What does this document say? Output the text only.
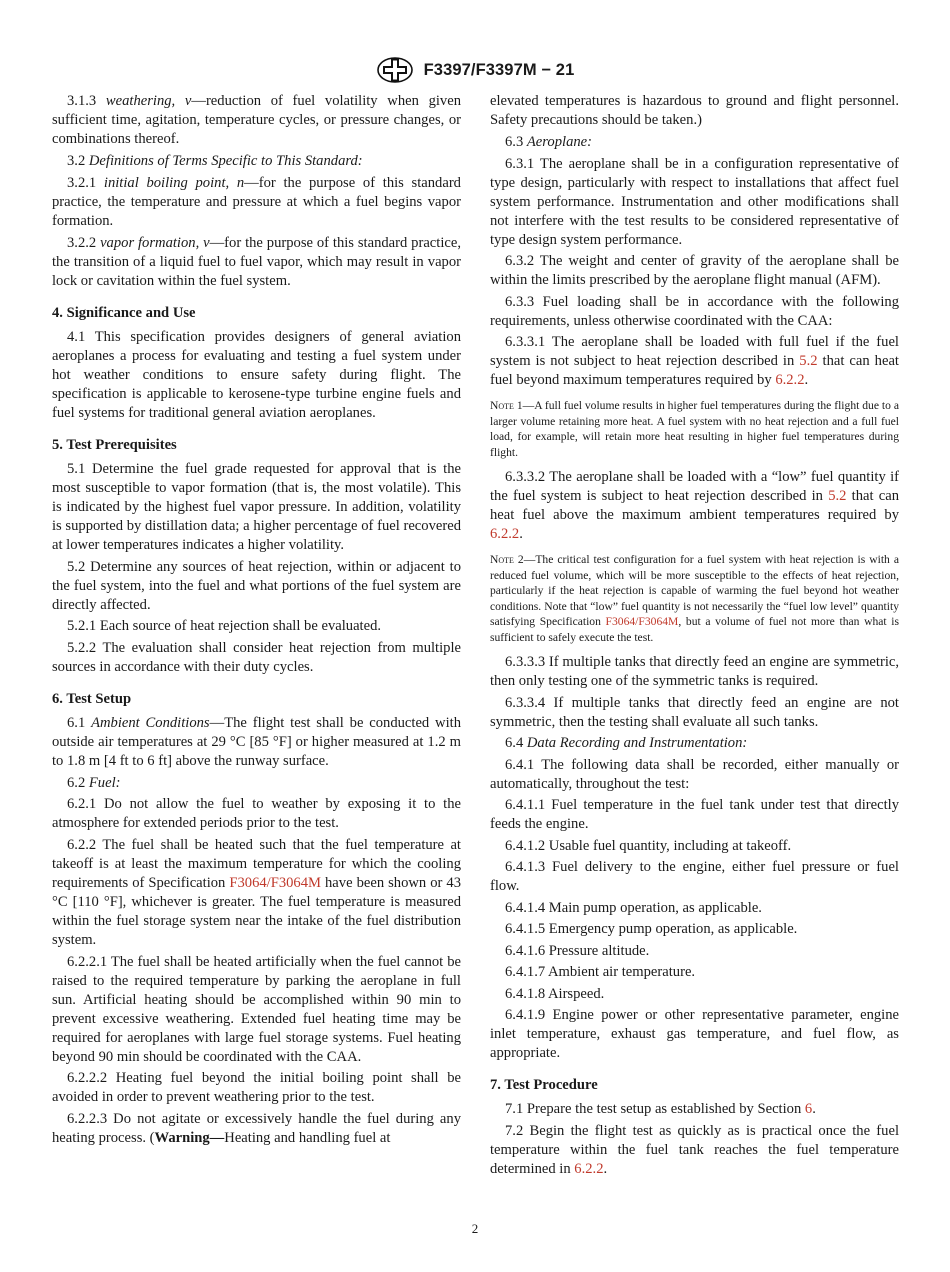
F3397/F3397M − 21

3.1.3 weathering, v—reduction of fuel volatility when given sufficient time, agitation, temperature cycles, or pressure changes, or combinations thereof.

3.2 Definitions of Terms Specific to This Standard:

3.2.1 initial boiling point, n—for the purpose of this standard practice, the temperature and pressure at which a fuel begins vapor formation.

3.2.2 vapor formation, v—for the purpose of this standard practice, the transition of a liquid fuel to fuel vapor, which may result in vapor lock or cavitation within the fuel system.

4. Significance and Use

4.1 This specification provides designers of general aviation aeroplanes a process for evaluating and testing a fuel system under hot weather conditions to ensure safety during flight. The specification is applicable to kerosene-type turbine engine fuels and fuel systems for traditional general aviation aeroplanes.

5. Test Prerequisites

5.1 Determine the fuel grade requested for approval that is the most susceptible to vapor formation (that is, the most volatile). This is indicated by the highest fuel vapor pressure. In addition, volatility is supported by distillation data; a higher percentage of fuel recovered at lower temperatures indicates a higher volatility.

5.2 Determine any sources of heat rejection, within or adjacent to the fuel system, into the fuel and what portions of the fuel system are directly affected.

5.2.1 Each source of heat rejection shall be evaluated.

5.2.2 The evaluation shall consider heat rejection from multiple sources in accordance with their duty cycles.

6. Test Setup

6.1 Ambient Conditions—The flight test shall be conducted with outside air temperatures at 29 °C [85 °F] or higher measured at 1.2 m to 1.8 m [4 ft to 6 ft] above the runway surface.

6.2 Fuel:

6.2.1 Do not allow the fuel to weather by exposing it to the atmosphere for extended periods prior to the test.

6.2.2 The fuel shall be heated such that the fuel temperature at takeoff is at least the maximum temperature for which the cooling requirements of Specification F3064/F3064M have been shown or 43 °C [110 °F], whichever is greater. The fuel temperature is measured within the fuel storage system near the intake of the fuel distribution system.

6.2.2.1 The fuel shall be heated artificially when the fuel cannot be raised to the required temperature by parking the aeroplane in full sun. Artificial heating should be accomplished within 90 min to prevent excessive weathering. Extended fuel heating time may be required for aeroplanes with large fuel storage systems. Fuel heating beyond 90 min should be coordinated with the CAA.

6.2.2.2 Heating fuel beyond the initial boiling point shall be avoided in order to prevent weathering prior to the test.

6.2.2.3 Do not agitate or excessively handle the fuel during any heating process. (Warning—Heating and handling fuel at

elevated temperatures is hazardous to ground and flight personnel. Safety precautions should be taken.)

6.3 Aeroplane:

6.3.1 The aeroplane shall be in a configuration representative of type design, particularly with respect to installations that affect fuel system performance. Instrumentation and other modifications shall not interfere with the test results to be considered representative of type design system performance.

6.3.2 The weight and center of gravity of the aeroplane shall be within the limits prescribed by the aeroplane flight manual (AFM).

6.3.3 Fuel loading shall be in accordance with the following requirements, unless otherwise coordinated with the CAA:

6.3.3.1 The aeroplane shall be loaded with full fuel if the fuel system is not subject to heat rejection described in 5.2 that can heat fuel beyond maximum temperatures required by 6.2.2.

Note 1—A full fuel volume results in higher fuel temperatures during the flight due to a larger volume retaining more heat. A fuel system with no heat rejection and a full fuel load, for example, will retain more heat resulting in higher fuel temperatures during flight.

6.3.3.2 The aeroplane shall be loaded with a “low” fuel quantity if the fuel system is subject to heat rejection described in 5.2 that can heat fuel above the maximum ambient temperatures required by 6.2.2.

Note 2—The critical test configuration for a fuel system with heat rejection is with a reduced fuel volume, which will be more susceptible to the effects of heat rejection, particularly if the heat rejection is capable of warming the fuel beyond hot weather conditions. Note that “low” fuel quantity is not necessarily the “fuel low level” quantity satisfying Specification F3064/F3064M, but a volume of fuel not more than what is sufficient to safely execute the test.

6.3.3.3 If multiple tanks that directly feed an engine are symmetric, then only testing one of the symmetric tanks is required.

6.3.3.4 If multiple tanks that directly feed an engine are not symmetric, then the testing shall evaluate all such tanks.

6.4 Data Recording and Instrumentation:

6.4.1 The following data shall be recorded, either manually or automatically, throughout the test:

6.4.1.1 Fuel temperature in the fuel tank under test that directly feeds the engine.

6.4.1.2 Usable fuel quantity, including at takeoff.

6.4.1.3 Fuel delivery to the engine, either fuel pressure or fuel flow.

6.4.1.4 Main pump operation, as applicable.

6.4.1.5 Emergency pump operation, as applicable.

6.4.1.6 Pressure altitude.

6.4.1.7 Ambient air temperature.

6.4.1.8 Airspeed.

6.4.1.9 Engine power or other representative parameter, engine inlet temperature, exhaust gas temperature, and fuel flow, as appropriate.

7. Test Procedure

7.1 Prepare the test setup as established by Section 6.

7.2 Begin the flight test as quickly as is practical once the fuel temperature within the fuel tank reaches the fuel temperature determined in 6.2.2.

2
